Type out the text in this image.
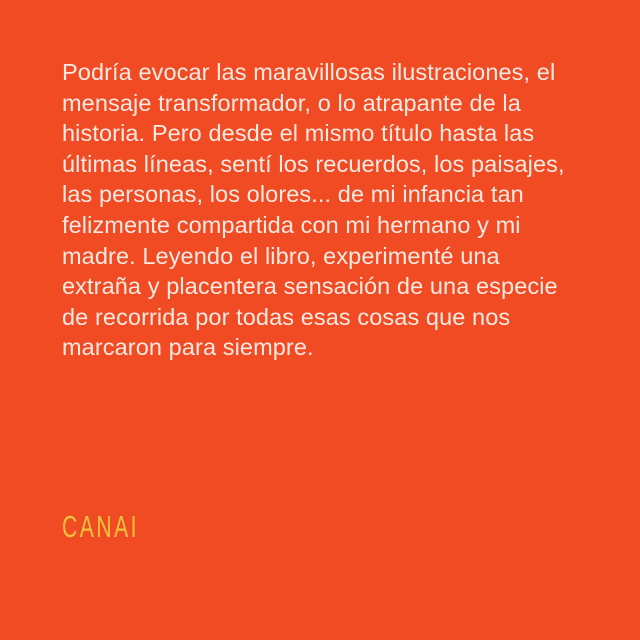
Podría evocar las maravillosas ilustraciones, el
mensaje transformador, o lo atrapante de la
historia. Pero desde el mismo título hasta las
últimas líneas, sentí los recuerdos, los paisajes,
las personas, los olores... de mi infancia tan
felizmente compartida con mi hermano y mi
madre. Leyendo el libro, experimenté una
extraña y placentera sensación de una especie
de recorrida por todas esas cosas que nos
marcaron para siempre.
CANAI
